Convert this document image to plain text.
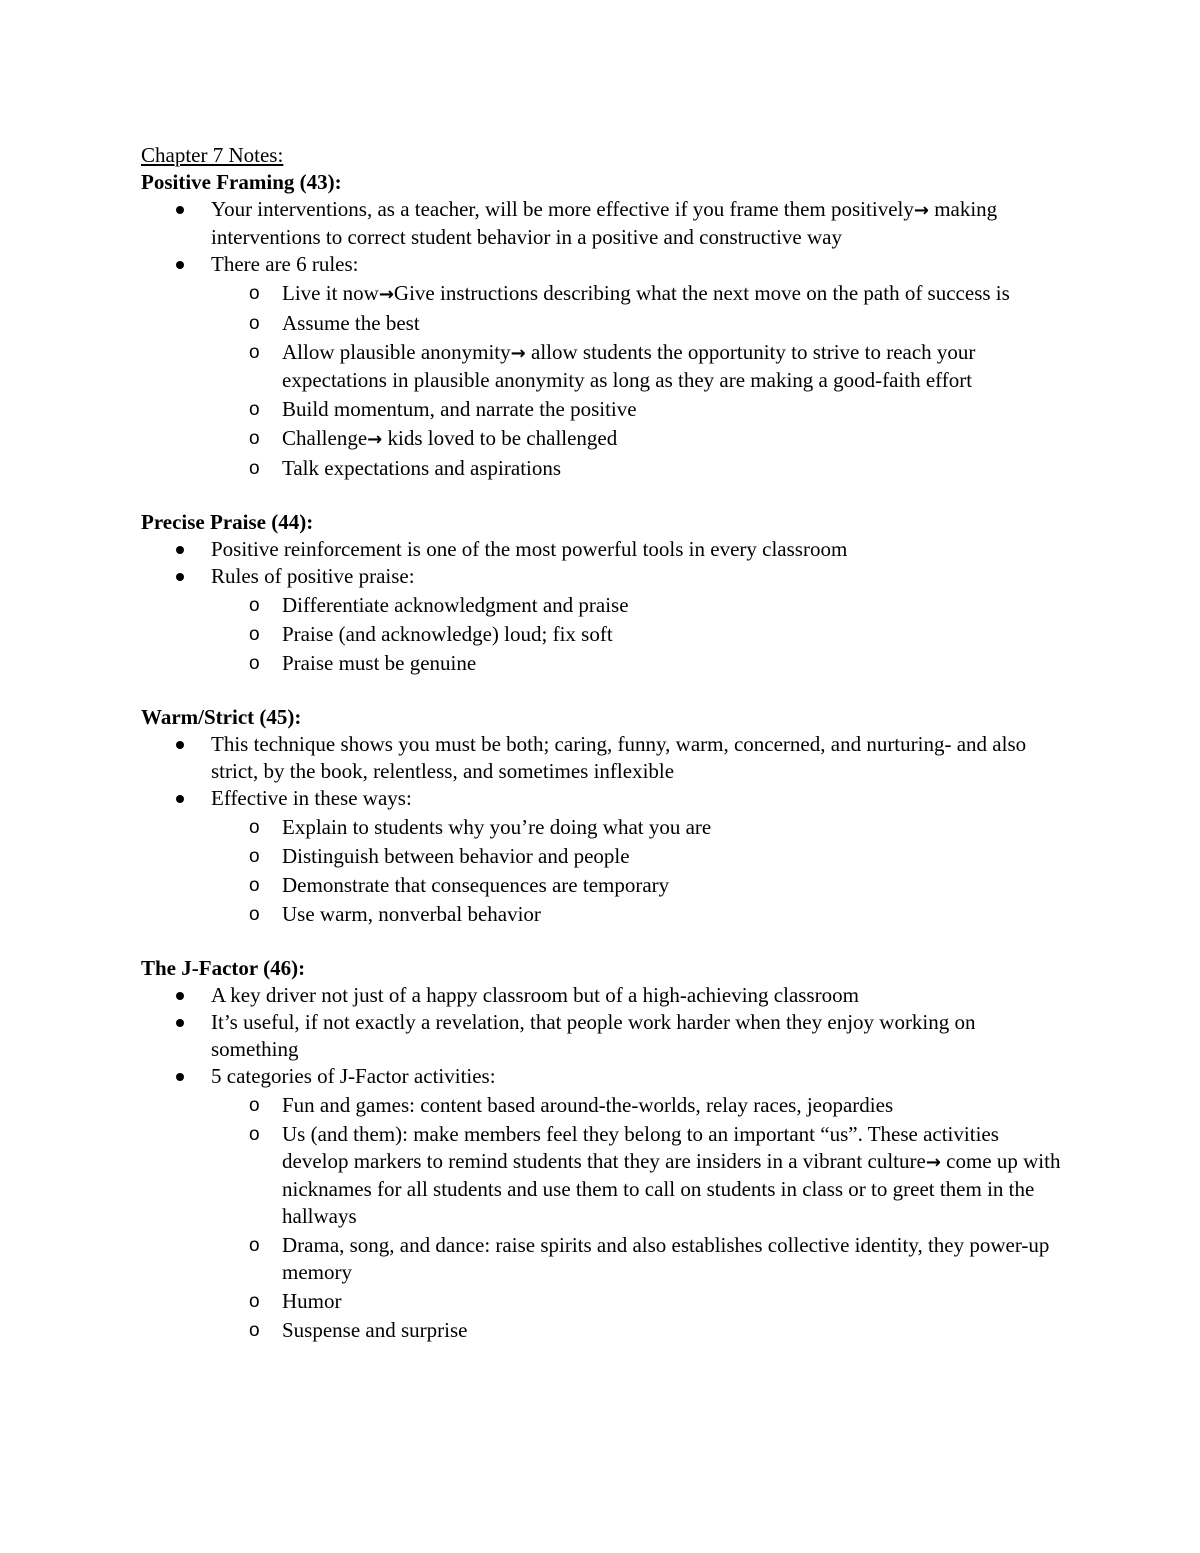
Chapter 7 Notes:
Positive Framing (43):
Your interventions, as a teacher, will be more effective if you frame them positively→ making interventions to correct student behavior in a positive and constructive way
There are 6 rules:
o Live it now→Give instructions describing what the next move on the path of success is
o Assume the best
o Allow plausible anonymity→ allow students the opportunity to strive to reach your expectations in plausible anonymity as long as they are making a good-faith effort
o Build momentum, and narrate the positive
o Challenge→ kids loved to be challenged
o Talk expectations and aspirations
Precise Praise (44):
Positive reinforcement is one of the most powerful tools in every classroom
Rules of positive praise:
o Differentiate acknowledgment and praise
o Praise (and acknowledge) loud; fix soft
o Praise must be genuine
Warm/Strict (45):
This technique shows you must be both; caring, funny, warm, concerned, and nurturing- and also strict, by the book, relentless, and sometimes inflexible
Effective in these ways:
o Explain to students why you’re doing what you are
o Distinguish between behavior and people
o Demonstrate that consequences are temporary
o Use warm, nonverbal behavior
The J-Factor (46):
A key driver not just of a happy classroom but of a high-achieving classroom
It’s useful, if not exactly a revelation, that people work harder when they enjoy working on something
5 categories of J-Factor activities:
o Fun and games: content based around-the-worlds, relay races, jeopardies
o Us (and them): make members feel they belong to an important “us”. These activities develop markers to remind students that they are insiders in a vibrant culture→ come up with nicknames for all students and use them to call on students in class or to greet them in the hallways
o Drama, song, and dance: raise spirits and also establishes collective identity, they power-up memory
o Humor
o Suspense and surprise
